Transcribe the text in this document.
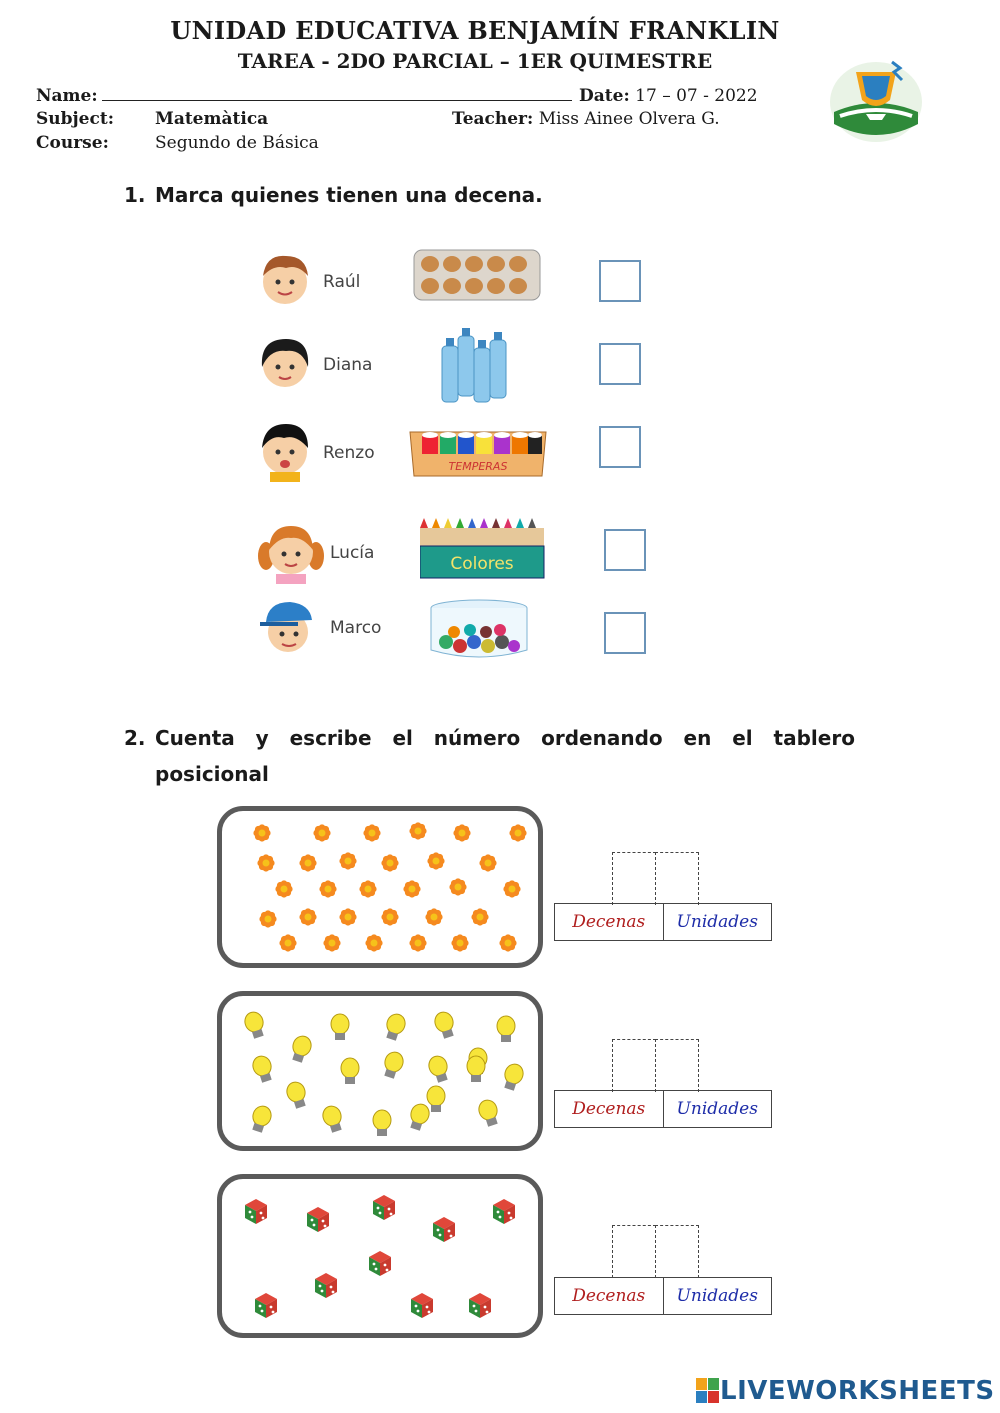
UNIDAD EDUCATIVA BENJAMÍN FRANKLIN
TAREA - 2DO PARCIAL – 1ER QUIMESTRE
Name:	Date: 17 – 07 - 2022
Subject: Matemàtica	Teacher: Miss Ainee Olvera G.
Course:	Segundo de Básica
1. Marca quienes tienen una decena.
Raúl
Diana
Renzo
TEMPERAS
Lucía
Colores
Marco
2. Cuenta y escribe el número ordenando en el tablero
posicional
Decenas	Unidades
Decenas	Unidades
Decenas	Unidades
LIVEWORKSHEETS
